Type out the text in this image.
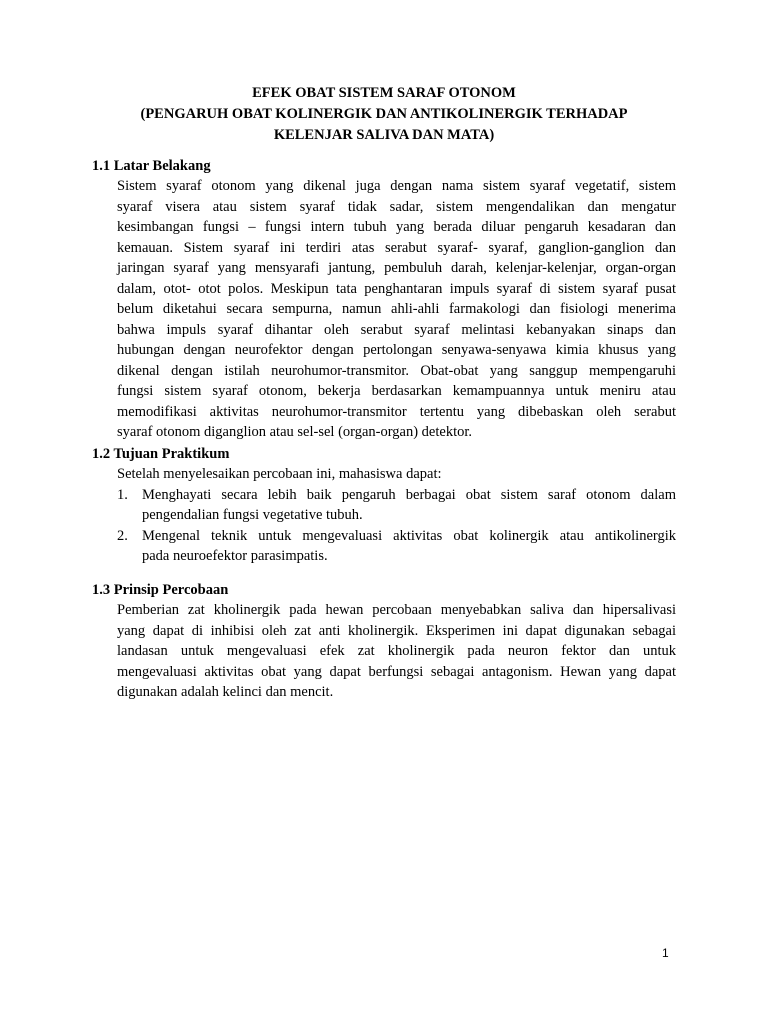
EFEK OBAT SISTEM SARAF OTONOM
(PENGARUH OBAT KOLINERGIK DAN ANTIKOLINERGIK TERHADAP
KELENJAR SALIVA DAN MATA)
1.1 Latar Belakang
Sistem syaraf otonom yang dikenal juga dengan nama sistem syaraf vegetatif, sistem
syaraf visera atau sistem syaraf tidak sadar, sistem mengendalikan dan mengatur
kesimbangan fungsi – fungsi intern tubuh yang berada diluar pengaruh kesadaran dan
kemauan. Sistem syaraf ini terdiri atas serabut syaraf- syaraf, ganglion-ganglion dan
jaringan syaraf yang mensyarafi jantung, pembuluh darah, kelenjar-kelenjar, organ-organ
dalam, otot- otot polos. Meskipun tata penghantaran impuls syaraf di sistem syaraf pusat
belum diketahui secara sempurna, namun ahli-ahli farmakologi dan fisiologi menerima
bahwa impuls syaraf dihantar oleh serabut syaraf melintasi kebanyakan sinaps dan
hubungan dengan neurofektor dengan pertolongan senyawa-senyawa kimia khusus yang
dikenal dengan istilah neurohumor-transmitor. Obat-obat yang sanggup mempengaruhi
fungsi sistem syaraf otonom, bekerja berdasarkan kemampuannya untuk meniru atau
memodifikasi aktivitas neurohumor-transmitor tertentu yang dibebaskan oleh serabut
syaraf otonom diganglion atau sel-sel (organ-organ) detektor.
1.2 Tujuan Praktikum
Setelah menyelesaikan percobaan ini, mahasiswa dapat:
1. Menghayati secara lebih baik pengaruh berbagai obat sistem saraf otonom dalam
pengendalian fungsi vegetative tubuh.
2. Mengenal teknik untuk mengevaluasi aktivitas obat kolinergik atau antikolinergik
pada neuroefektor parasimpatis.
1.3 Prinsip Percobaan
Pemberian zat kholinergik pada hewan percobaan menyebabkan saliva dan hipersalivasi
yang dapat di inhibisi oleh zat anti kholinergik. Eksperimen ini dapat digunakan sebagai
landasan untuk mengevaluasi efek zat kholinergik pada neuron fektor dan untuk
mengevaluasi aktivitas obat yang dapat berfungsi sebagai antagonism. Hewan yang dapat
digunakan adalah kelinci dan mencit.
1
